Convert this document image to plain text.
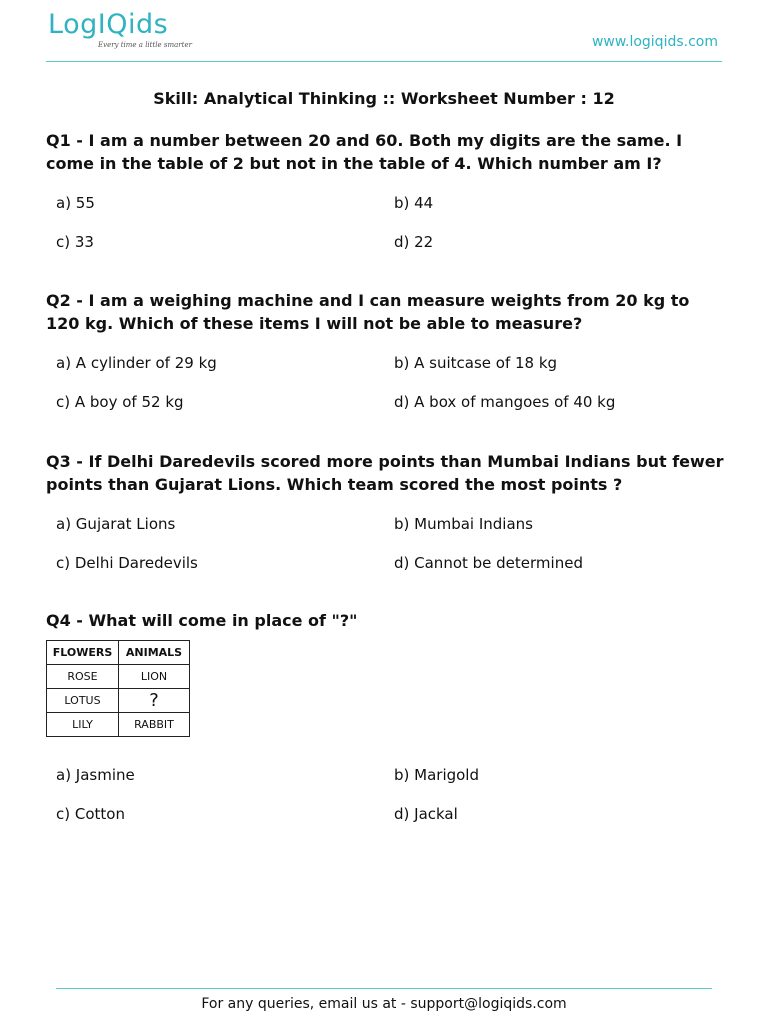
LogIQids
Every time a little smarter	www.logiqids.com
Skill: Analytical Thinking :: Worksheet Number : 12
Q1 - I am a number between 20 and 60. Both my digits are the same. I come in the table of 2 but not in the table of 4. Which number am I?
a) 55	b) 44
c) 33	d) 22
Q2 - I am a weighing machine and I can measure weights from 20 kg to 120 kg. Which of these items I will not be able to measure?
a) A cylinder of 29 kg	b) A suitcase of 18 kg
c) A boy of 52 kg	d) A box of mangoes of 40 kg
Q3 - If Delhi Daredevils scored more points than Mumbai Indians but fewer points than Gujarat Lions. Which team scored the most points ?
a) Gujarat Lions	b) Mumbai Indians
c) Delhi Daredevils	d) Cannot be determined
Q4 - What will come in place of "?"
FLOWERS	ANIMALS
ROSE	LION
LOTUS	?
LILY	RABBIT
a) Jasmine	b) Marigold
c) Cotton	d) Jackal
For any queries, email us at - support@logiqids.com
